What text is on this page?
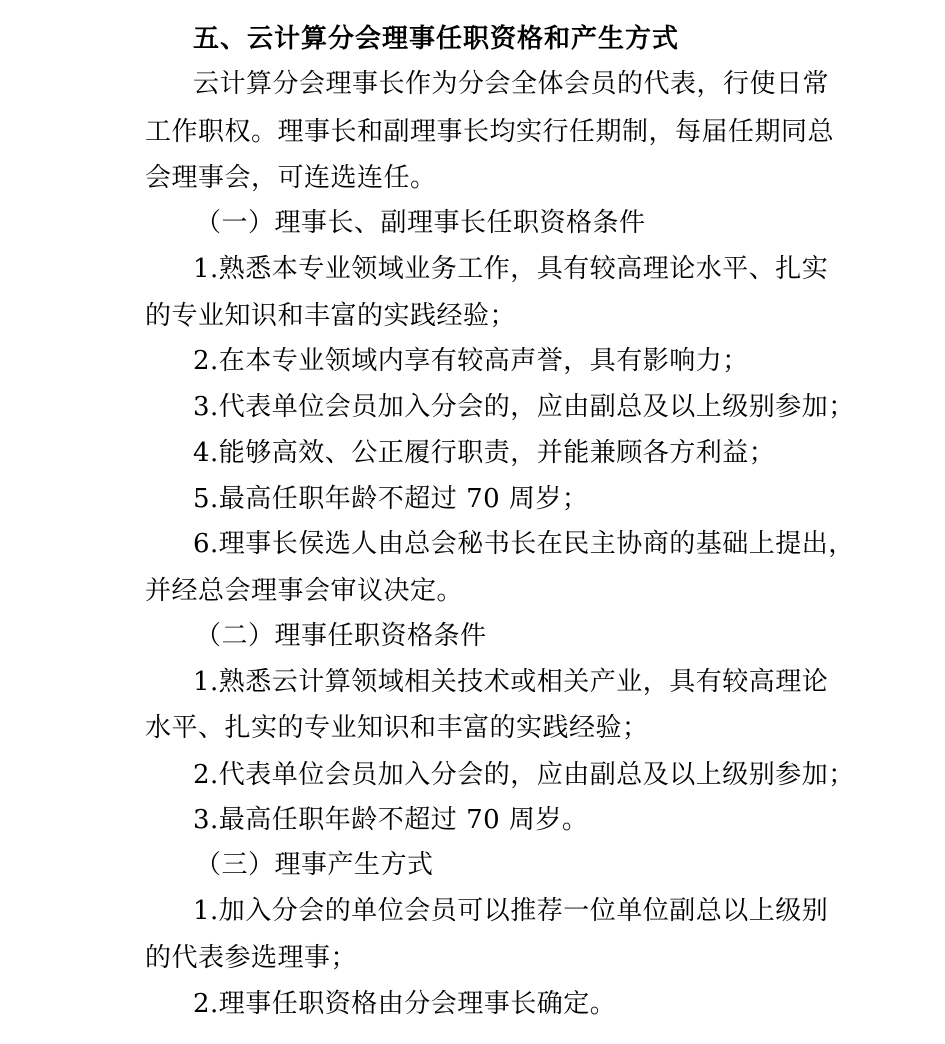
五、云计算分会理事任职资格和产生方式
云计算分会理事长作为分会全体会员的代表，行使日常
工作职权。理事长和副理事长均实行任期制，每届任期同总
会理事会，可连选连任。
（一）理事长、副理事长任职资格条件
1.熟悉本专业领域业务工作，具有较高理论水平、扎实
的专业知识和丰富的实践经验；
2.在本专业领域内享有较高声誉，具有影响力；
3.代表单位会员加入分会的，应由副总及以上级别参加；
4.能够高效、公正履行职责，并能兼顾各方利益；
5.最高任职年龄不超过 70 周岁；
6.理事长侯选人由总会秘书长在民主协商的基础上提出，
并经总会理事会审议决定。
（二）理事任职资格条件
1.熟悉云计算领域相关技术或相关产业，具有较高理论
水平、扎实的专业知识和丰富的实践经验；
2.代表单位会员加入分会的，应由副总及以上级别参加；
3.最高任职年龄不超过 70 周岁。
（三）理事产生方式
1.加入分会的单位会员可以推荐一位单位副总以上级别
的代表参选理事；
2.理事任职资格由分会理事长确定。
